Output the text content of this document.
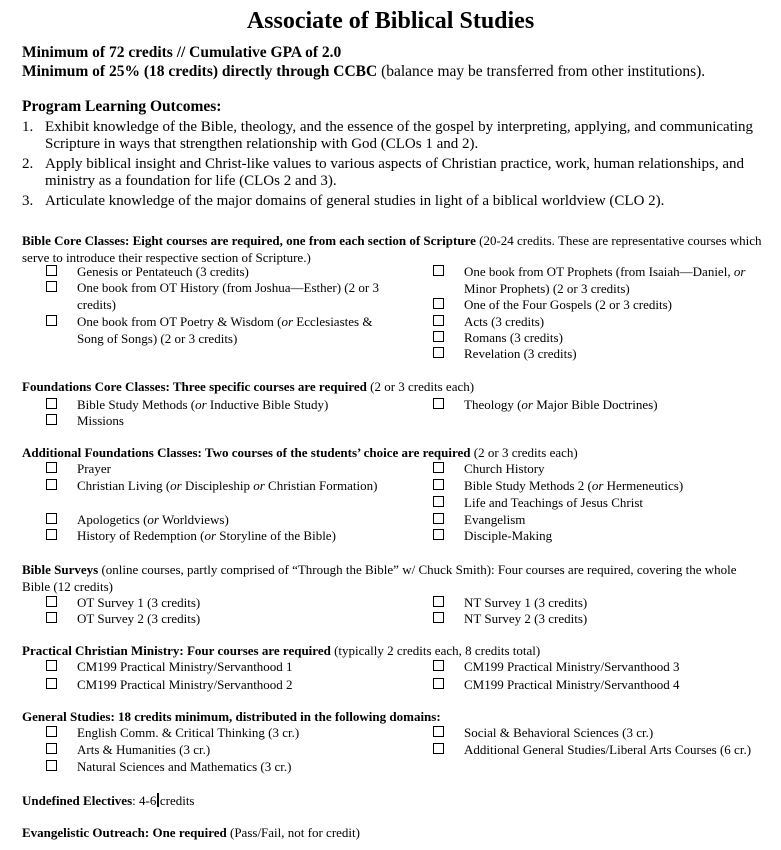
Associate of Biblical Studies
Minimum of 72 credits // Cumulative GPA of 2.0
Minimum of 25% (18 credits) directly through CCBC (balance may be transferred from other institutions).
Program Learning Outcomes:
1. Exhibit knowledge of the Bible, theology, and the essence of the gospel by interpreting, applying, and communicating Scripture in ways that strengthen relationship with God (CLOs 1 and 2).
2. Apply biblical insight and Christ-like values to various aspects of Christian practice, work, human relationships, and ministry as a foundation for life (CLOs 2 and 3).
3. Articulate knowledge of the major domains of general studies in light of a biblical worldview (CLO 2).
Bible Core Classes: Eight courses are required, one from each section of Scripture (20-24 credits. These are representative courses which serve to introduce their respective section of Scripture.)
Genesis or Pentateuch (3 credits)
One book from OT History (from Joshua—Esther) (2 or 3 credits)
One book from OT Poetry & Wisdom (or Ecclesiastes & Song of Songs) (2 or 3 credits)
One book from OT Prophets (from Isaiah—Daniel, or Minor Prophets) (2 or 3 credits)
One of the Four Gospels (2 or 3 credits)
Acts (3 credits)
Romans (3 credits)
Revelation (3 credits)
Foundations Core Classes: Three specific courses are required (2 or 3 credits each)
Bible Study Methods (or Inductive Bible Study)
Missions
Theology (or Major Bible Doctrines)
Additional Foundations Classes: Two courses of the students’ choice are required (2 or 3 credits each)
Prayer
Christian Living (or Discipleship or Christian Formation)
Apologetics (or Worldviews)
History of Redemption (or Storyline of the Bible)
Church History
Bible Study Methods 2 (or Hermeneutics)
Life and Teachings of Jesus Christ
Evangelism
Disciple-Making
Bible Surveys (online courses, partly comprised of “Through the Bible” w/ Chuck Smith): Four courses are required, covering the whole Bible (12 credits)
OT Survey 1 (3 credits)
OT Survey 2 (3 credits)
NT Survey 1 (3 credits)
NT Survey 2 (3 credits)
Practical Christian Ministry: Four courses are required (typically 2 credits each, 8 credits total)
CM199 Practical Ministry/Servanthood 1
CM199 Practical Ministry/Servanthood 2
CM199 Practical Ministry/Servanthood 3
CM199 Practical Ministry/Servanthood 4
General Studies: 18 credits minimum, distributed in the following domains:
English Comm. & Critical Thinking (3 cr.)
Arts & Humanities (3 cr.)
Natural Sciences and Mathematics (3 cr.)
Social & Behavioral Sciences (3 cr.)
Additional General Studies/Liberal Arts Courses (6 cr.)
Undefined Electives: 4-6 credits
Evangelistic Outreach: One required (Pass/Fail, not for credit)
